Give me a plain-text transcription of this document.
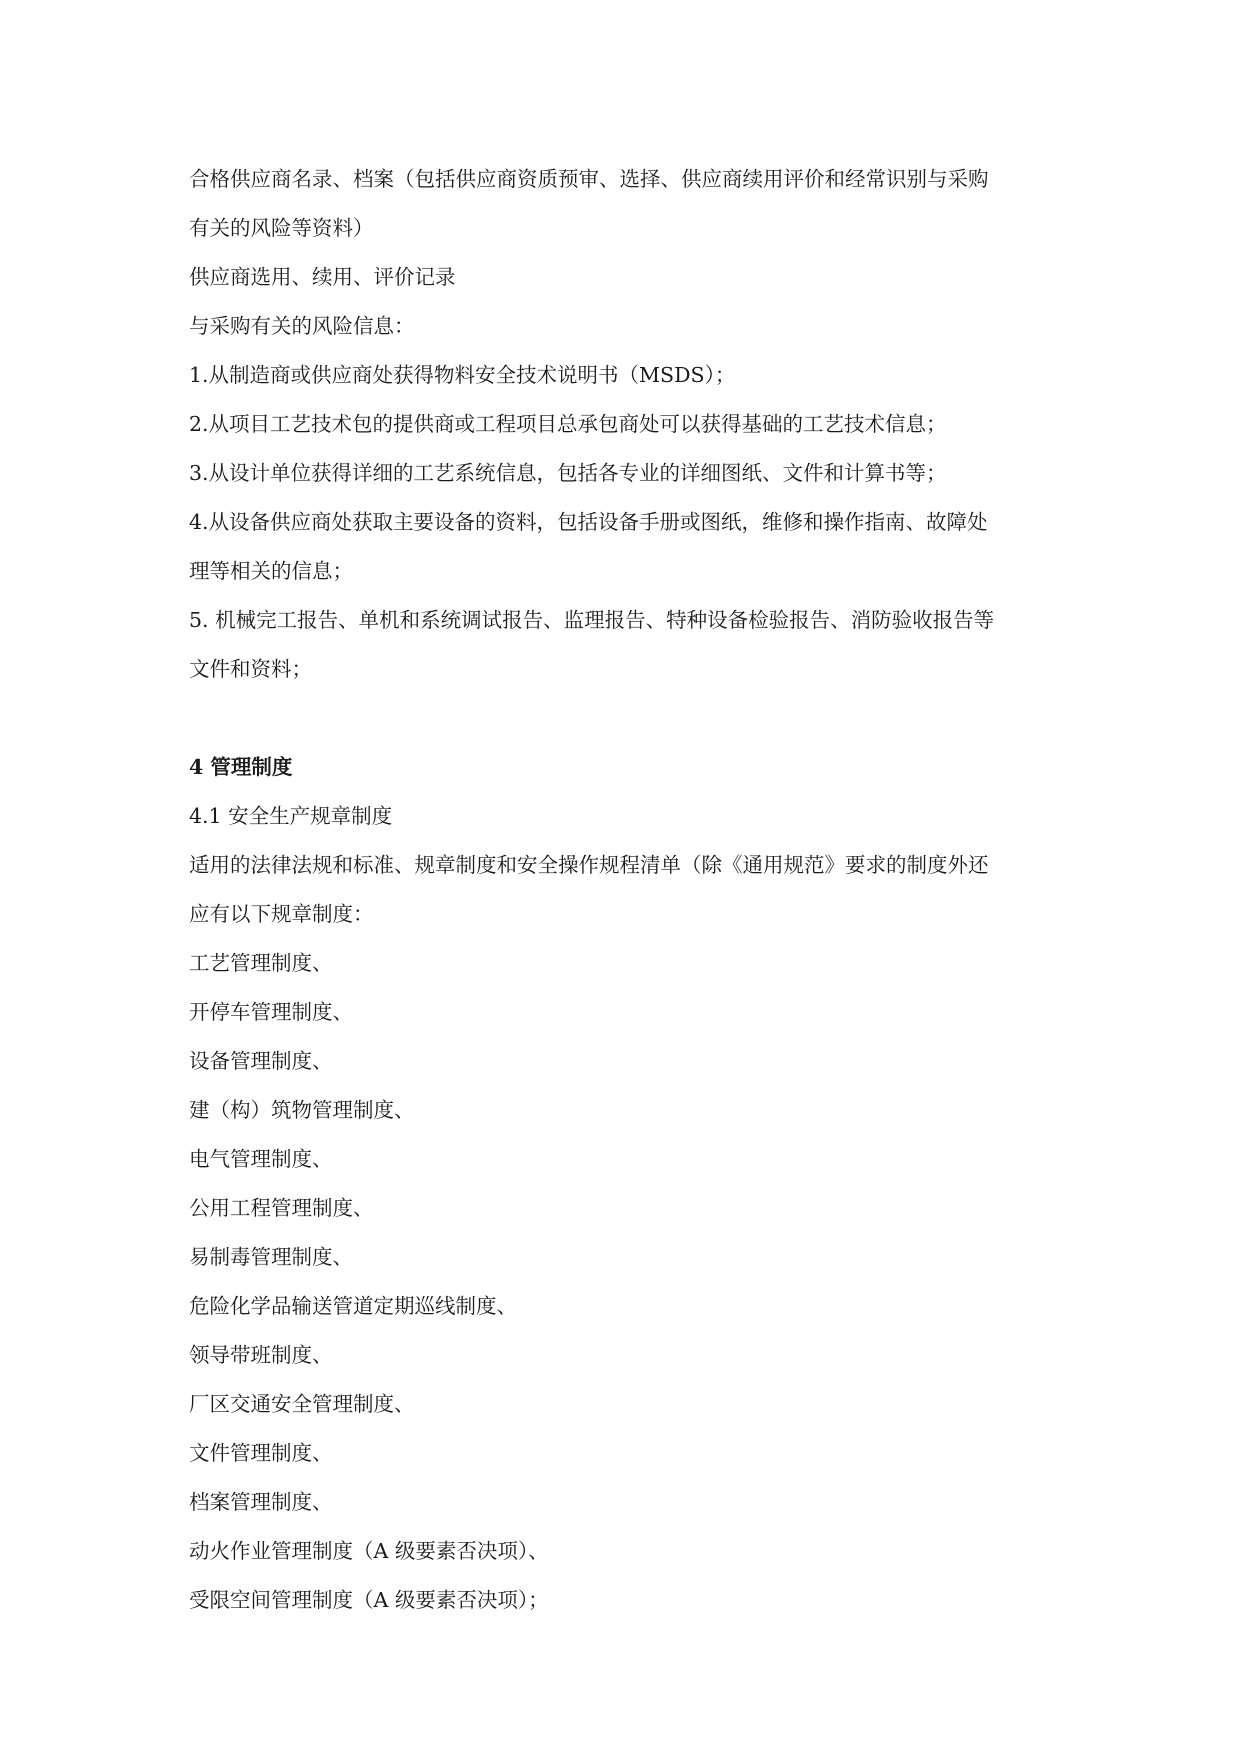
合格供应商名录、档案（包括供应商资质预审、选择、供应商续用评价和经常识别与采购
有关的风险等资料）
供应商选用、续用、评价记录
与采购有关的风险信息：
1.从制造商或供应商处获得物料安全技术说明书（MSDS）；
2.从项目工艺技术包的提供商或工程项目总承包商处可以获得基础的工艺技术信息；
3.从设计单位获得详细的工艺系统信息，包括各专业的详细图纸、文件和计算书等；
4.从设备供应商处获取主要设备的资料，包括设备手册或图纸，维修和操作指南、故障处
理等相关的信息；
5. 机械完工报告、单机和系统调试报告、监理报告、特种设备检验报告、消防验收报告等
文件和资料；
4 管理制度
4.1 安全生产规章制度
适用的法律法规和标准、规章制度和安全操作规程清单（除《通用规范》要求的制度外还
应有以下规章制度：
工艺管理制度、
开停车管理制度、
设备管理制度、
建（构）筑物管理制度、
电气管理制度、
公用工程管理制度、
易制毒管理制度、
危险化学品输送管道定期巡线制度、
领导带班制度、
厂区交通安全管理制度、
文件管理制度、
档案管理制度、
动火作业管理制度（A 级要素否决项）、
受限空间管理制度（A 级要素否决项）；
